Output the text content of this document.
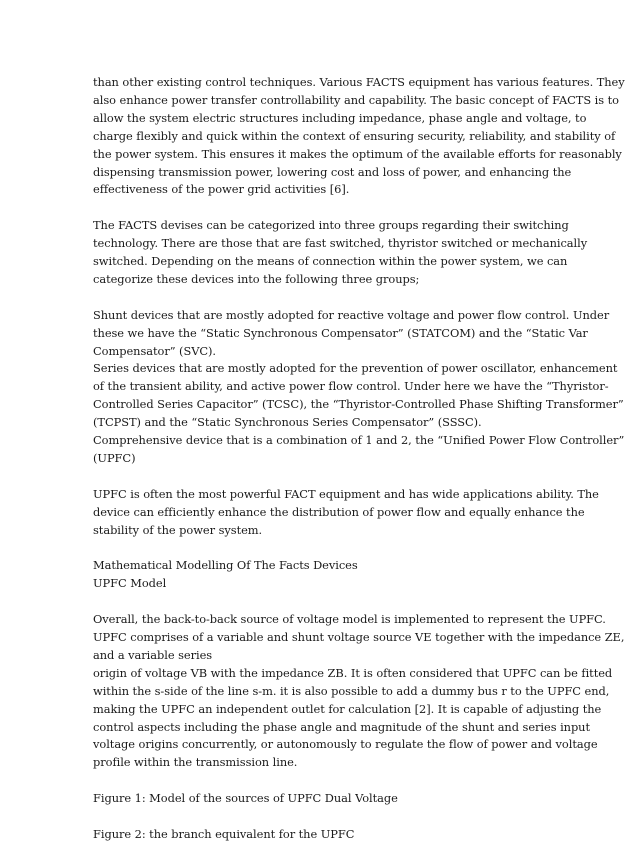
than other existing control techniques. Various FACTS equipment has various features. They
also enhance power transfer controllability and capability. The basic concept of FACTS is to
allow the system electric structures including impedance, phase angle and voltage, to
charge flexibly and quick within the context of ensuring security, reliability, and stability of
the power system. This ensures it makes the optimum of the available efforts for reasonably
dispensing transmission power, lowering cost and loss of power, and enhancing the
effectiveness of the power grid activities [6].
The FACTS devises can be categorized into three groups regarding their switching
technology. There are those that are fast switched, thyristor switched or mechanically
switched. Depending on the means of connection within the power system, we can
categorize these devices into the following three groups;
Shunt devices that are mostly adopted for reactive voltage and power flow control. Under
these we have the “Static Synchronous Compensator” (STATCOM) and the “Static Var
Compensator” (SVC).
Series devices that are mostly adopted for the prevention of power oscillator, enhancement
of the transient ability, and active power flow control. Under here we have the “Thyristor-
Controlled Series Capacitor” (TCSC), the “Thyristor-Controlled Phase Shifting Transformer”
(TCPST) and the “Static Synchronous Series Compensator” (SSSC).
Comprehensive device that is a combination of 1 and 2, the “Unified Power Flow Controller”
(UPFC)
UPFC is often the most powerful FACT equipment and has wide applications ability. The
device can efficiently enhance the distribution of power flow and equally enhance the
stability of the power system.
Mathematical Modelling Of The Facts Devices
UPFC Model
Overall, the back-to-back source of voltage model is implemented to represent the UPFC.
UPFC comprises of a variable and shunt voltage source VE together with the impedance ZE,
and a variable series
origin of voltage VB with the impedance ZB. It is often considered that UPFC can be fitted
within the s-side of the line s-m. it is also possible to add a dummy bus r to the UPFC end,
making the UPFC an independent outlet for calculation [2]. It is capable of adjusting the
control aspects including the phase angle and magnitude of the shunt and series input
voltage origins concurrently, or autonomously to regulate the flow of power and voltage
profile within the transmission line.
Figure 1: Model of the sources of UPFC Dual Voltage
Figure 2: the branch equivalent for the UPFC
